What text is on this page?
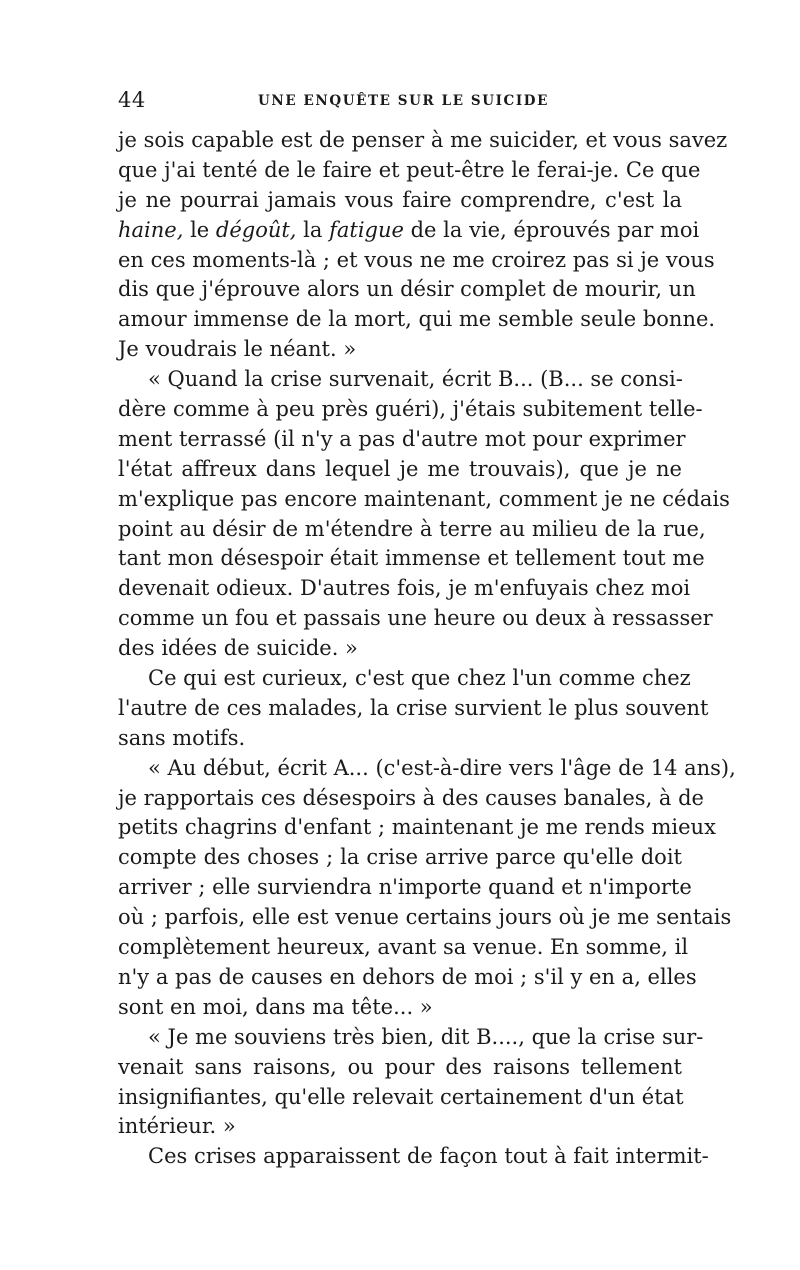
44	UNE ENQUÊTE SUR LE SUICIDE
je sois capable est de penser à me suicider, et vous savez
que j'ai tenté de le faire et peut-être le ferai-je. Ce que
je ne pourrai jamais vous faire comprendre, c'est la
haine, le dégoût, la fatigue de la vie, éprouvés par moi
en ces moments-là ; et vous ne me croirez pas si je vous
dis que j'éprouve alors un désir complet de mourir, un
amour immense de la mort, qui me semble seule bonne.
Je voudrais le néant. »
« Quand la crise survenait, écrit B... (B... se consi-
dère comme à peu près guéri), j'étais subitement telle-
ment terrassé (il n'y a pas d'autre mot pour exprimer
l'état affreux dans lequel je me trouvais), que je ne
m'explique pas encore maintenant, comment je ne cédais
point au désir de m'étendre à terre au milieu de la rue,
tant mon désespoir était immense et tellement tout me
devenait odieux. D'autres fois, je m'enfuyais chez moi
comme un fou et passais une heure ou deux à ressasser
des idées de suicide. »
Ce qui est curieux, c'est que chez l'un comme chez
l'autre de ces malades, la crise survient le plus souvent
sans motifs.
« Au début, écrit A... (c'est-à-dire vers l'âge de 14 ans),
je rapportais ces désespoirs à des causes banales, à de
petits chagrins d'enfant ; maintenant je me rends mieux
compte des choses ; la crise arrive parce qu'elle doit
arriver ; elle surviendra n'importe quand et n'importe
où ; parfois, elle est venue certains jours où je me sentais
complètement heureux, avant sa venue. En somme, il
n'y a pas de causes en dehors de moi ; s'il y en a, elles
sont en moi, dans ma tête... »
« Je me souviens très bien, dit B...., que la crise sur-
venait sans raisons, ou pour des raisons tellement
insignifiantes, qu'elle relevait certainement d'un état
intérieur. »
Ces crises apparaissent de façon tout à fait intermit-
